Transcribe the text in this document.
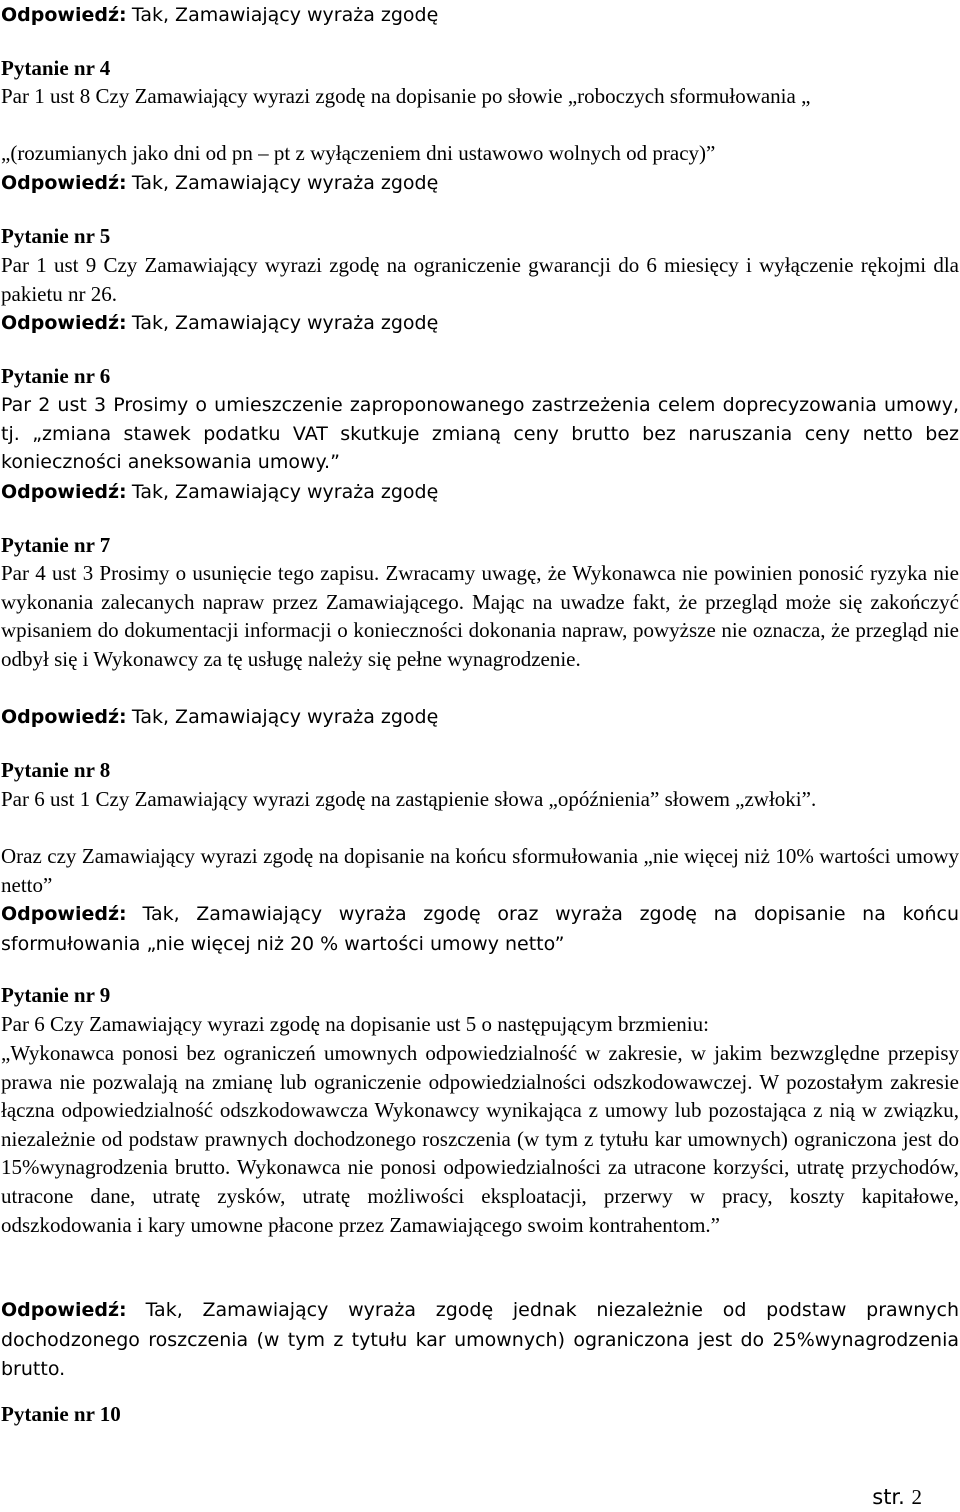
Odpowiedź: Tak, Zamawiający wyraża zgodę

Pytanie nr 4

Par 1 ust 8 Czy Zamawiający wyrazi zgodę na dopisanie po słowie „roboczych sformułowania „

„(rozumianych jako dni od pn – pt z wyłączeniem dni ustawowo wolnych od pracy)”

Odpowiedź: Tak, Zamawiający wyraża zgodę

Pytanie nr 5

Par 1 ust 9 Czy Zamawiający wyrazi zgodę na ograniczenie gwarancji do 6 miesięcy i wyłączenie rękojmi dla pakietu nr 26.

Odpowiedź: Tak, Zamawiający wyraża zgodę

Pytanie nr 6

Par 2 ust 3 Prosimy o umieszczenie zaproponowanego zastrzeżenia celem doprecyzowania umowy, tj. „zmiana stawek podatku VAT skutkuje zmianą ceny brutto bez naruszania ceny netto bez konieczności aneksowania umowy.”

Odpowiedź: Tak, Zamawiający wyraża zgodę

Pytanie nr 7

Par 4 ust 3 Prosimy o usunięcie tego zapisu. Zwracamy uwagę, że Wykonawca nie powinien ponosić ryzyka nie wykonania zalecanych napraw przez Zamawiającego. Mając na uwadze fakt, że przegląd może się zakończyć wpisaniem do dokumentacji informacji o konieczności dokonania napraw, powyższe nie oznacza, że przegląd nie odbył się i Wykonawcy za tę usługę należy się pełne wynagrodzenie.

Odpowiedź: Tak, Zamawiający wyraża zgodę

Pytanie nr 8

Par 6 ust 1 Czy Zamawiający wyrazi zgodę na zastąpienie słowa „opóźnienia” słowem „zwłoki”.

Oraz czy Zamawiający wyrazi zgodę na dopisanie na końcu sformułowania „nie więcej niż 10% wartości umowy netto”

Odpowiedź: Tak, Zamawiający wyraża zgodę oraz wyraża zgodę na dopisanie na końcu sformułowania „nie więcej niż 20 % wartości umowy netto”

Pytanie nr 9

Par 6 Czy Zamawiający wyrazi zgodę na dopisanie ust 5 o następującym brzmieniu:

„Wykonawca ponosi bez ograniczeń umownych odpowiedzialność w zakresie, w jakim bezwzględne przepisy prawa nie pozwalają na zmianę lub ograniczenie odpowiedzialności odszkodowawczej. W pozostałym zakresie łączna odpowiedzialność odszkodowawcza Wykonawcy wynikająca z umowy lub pozostająca z nią w związku, niezależnie od podstaw prawnych dochodzonego roszczenia (w tym z tytułu kar umownych) ograniczona jest do 15%wynagrodzenia brutto. Wykonawca nie ponosi odpowiedzialności za utracone korzyści, utratę przychodów, utracone dane, utratę zysków, utratę możliwości eksploatacji, przerwy w pracy, koszty kapitałowe, odszkodowania i kary umowne płacone przez Zamawiającego swoim kontrahentom.”

Odpowiedź: Tak, Zamawiający wyraża zgodę jednak niezależnie od podstaw prawnych dochodzonego roszczenia (w tym z tytułu kar umownych) ograniczona jest do 25%wynagrodzenia brutto.

Pytanie nr 10

str. 2
